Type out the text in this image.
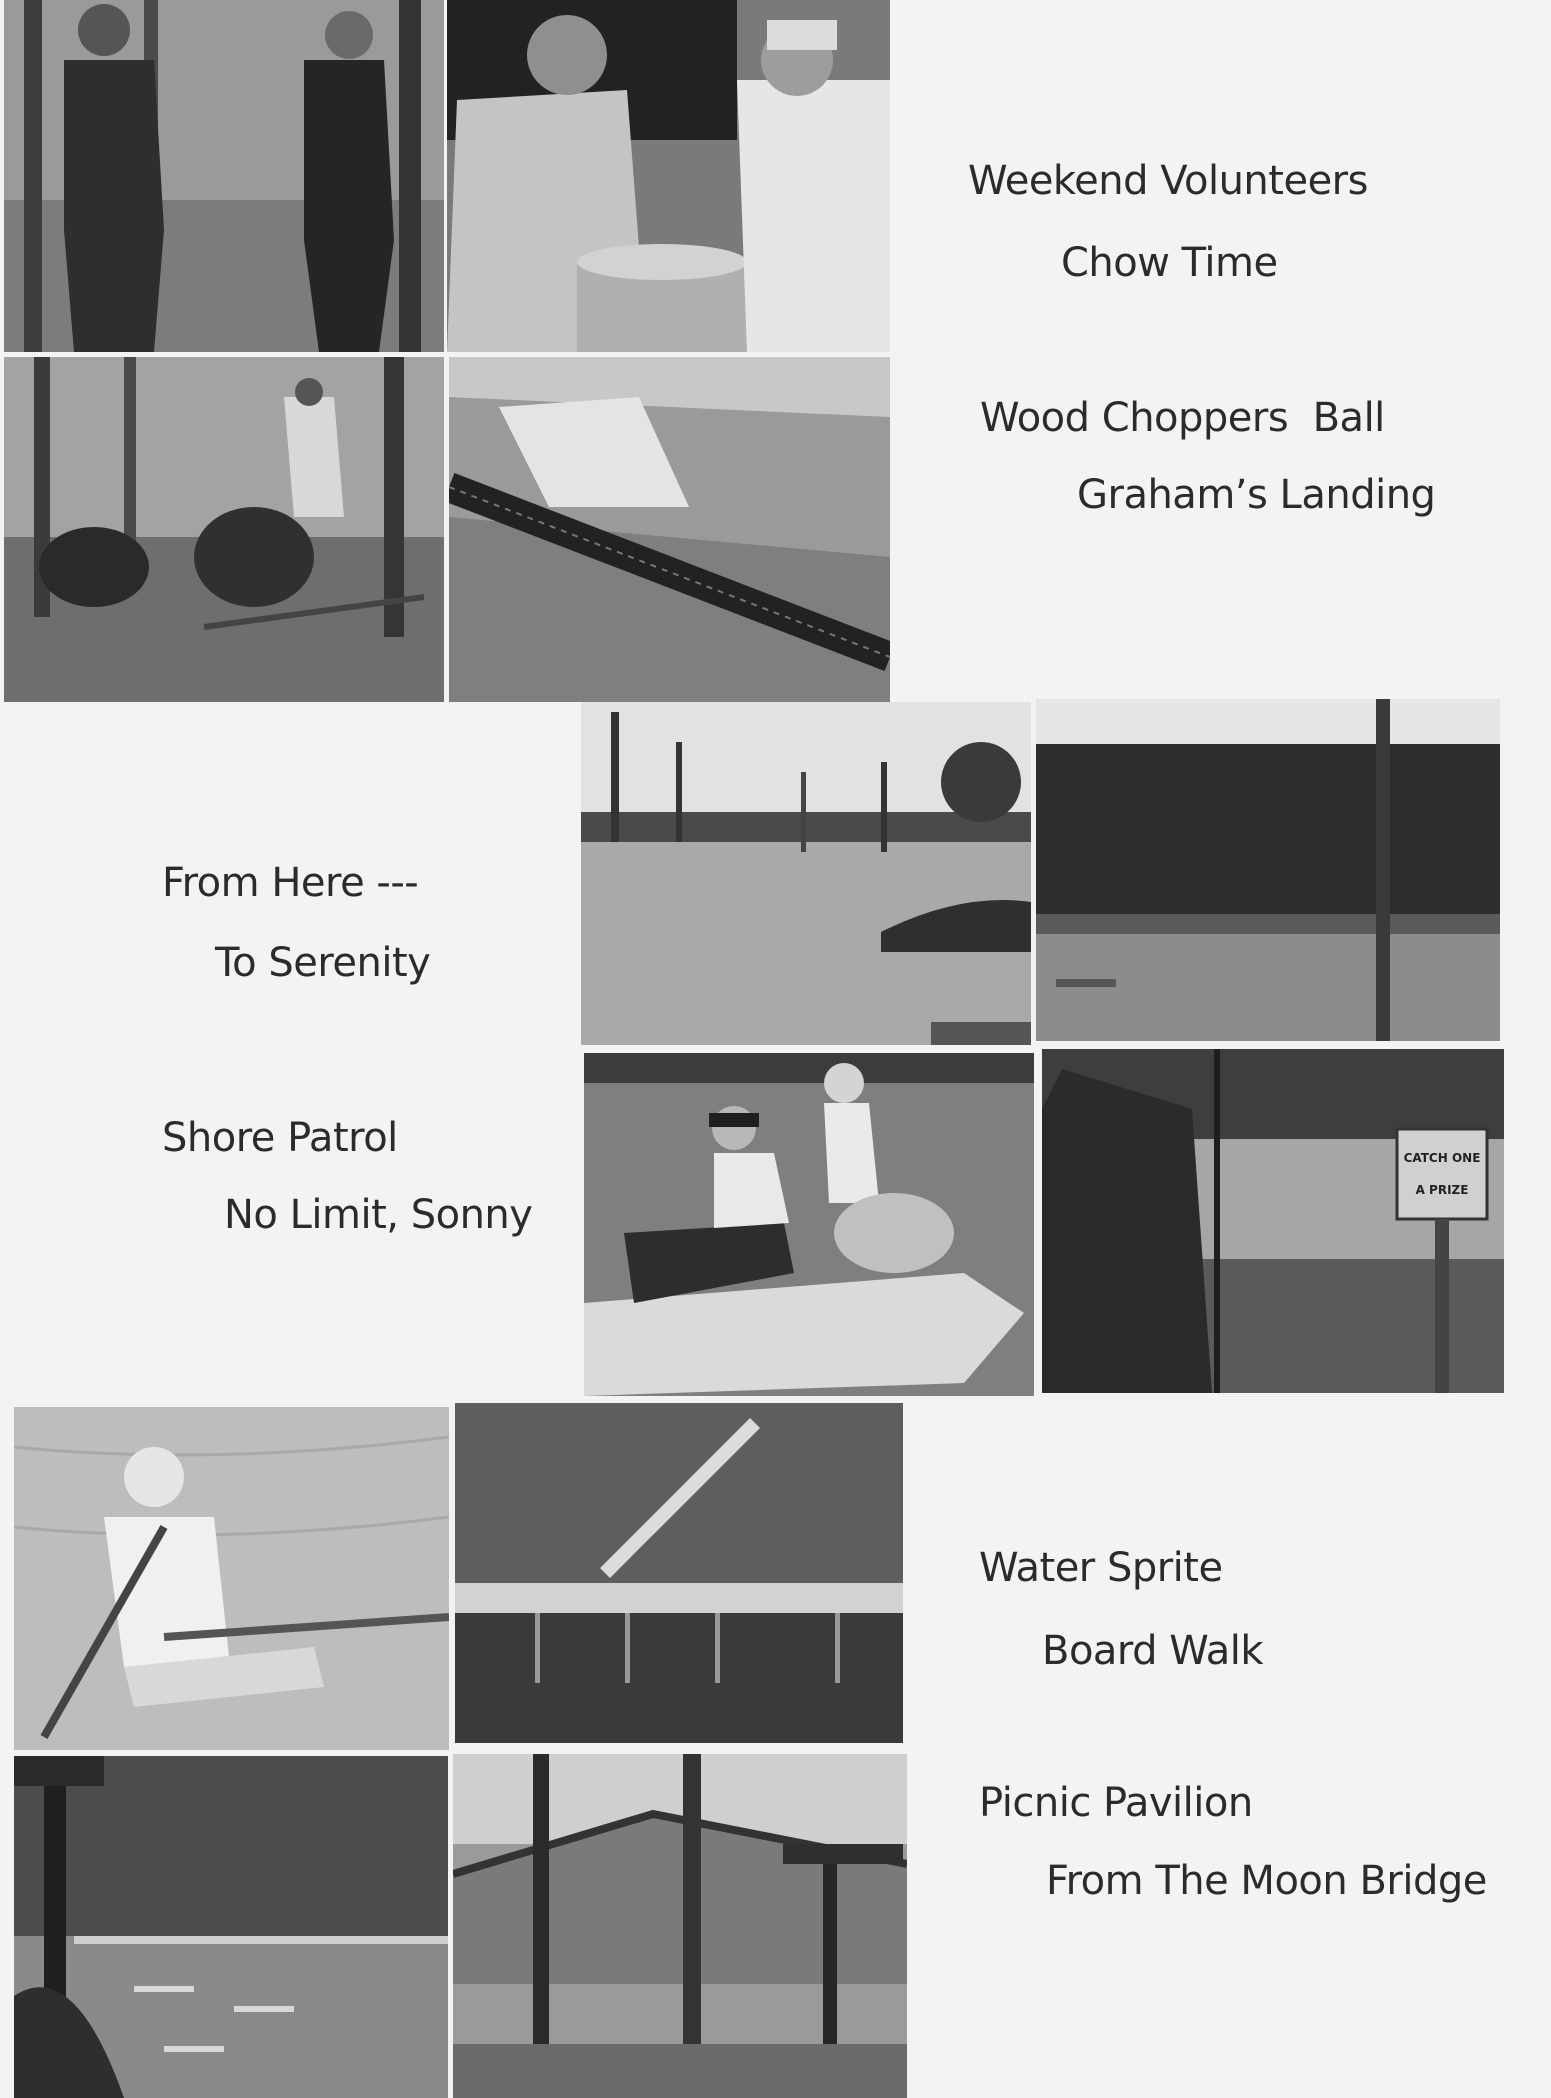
CATCH ONE
A PRIZE

Weekend Volunteers

Chow Time

Wood Choppers  Ball

Graham’s Landing

From Here ---

To Serenity

Shore Patrol

No Limit, Sonny

Water Sprite

Board Walk

Picnic Pavilion

From The Moon Bridge
